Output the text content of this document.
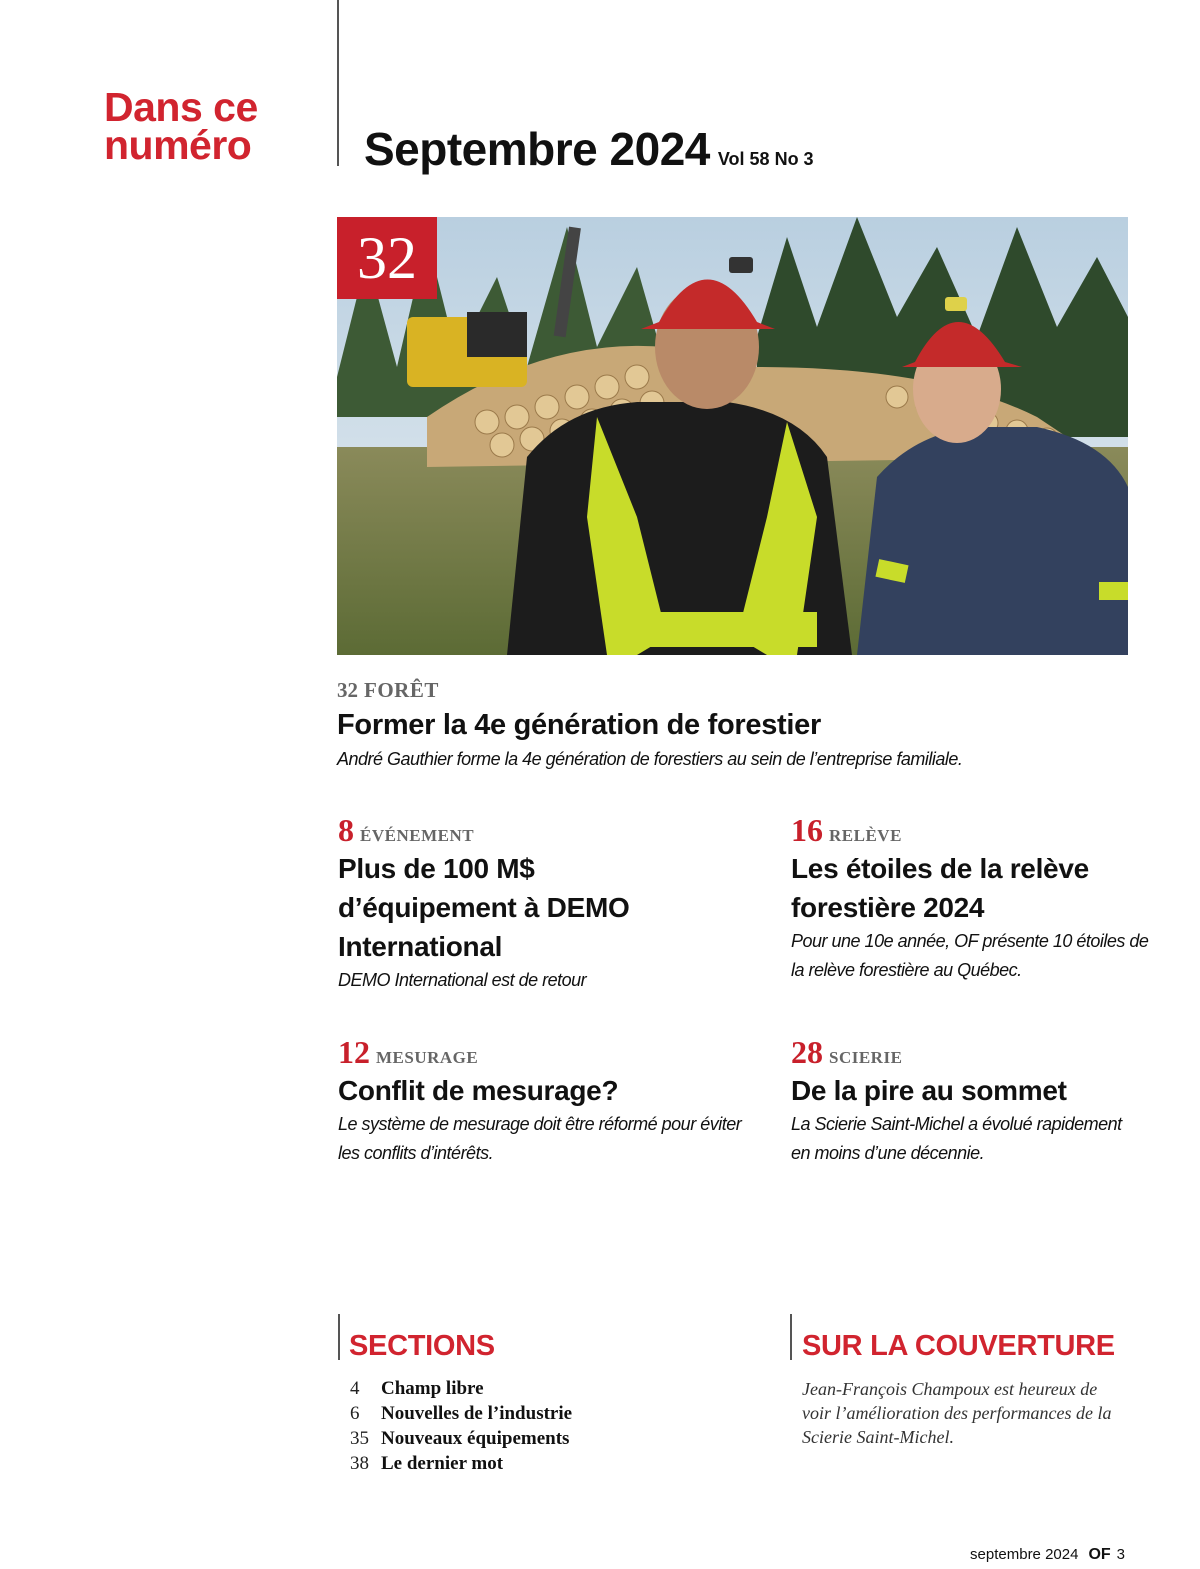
Dans ce
numéro	Septembre 2024 Vol 58 No 3
32
32 FORÊT
Former la 4e génération de forestier
André Gauthier forme la 4e génération de forestiers au sein de l’entreprise familiale.
8 ÉVÉNEMENT
Plus de 100 M$
d’équipement à DEMO
International
DEMO International est de retour
16 RELÈVE
Les étoiles de la relève
forestière 2024
Pour une 10e année, OF présente 10 étoiles de
la relève forestière au Québec.
12 MESURAGE
Conflit de mesurage?
Le système de mesurage doit être réformé pour éviter
les conflits d’intérêts.
28 SCIERIE
De la pire au sommet
La Scierie Saint-Michel a évolué rapidement
en moins d’une décennie.
SECTIONS
4 Champ libre
6 Nouvelles de l’industrie
35 Nouveaux équipements
38 Le dernier mot
SUR LA COUVERTURE
Jean-François Champoux est heureux de
voir l’amélioration des performances de la
Scierie Saint-Michel.
septembre 2024 OF 3
